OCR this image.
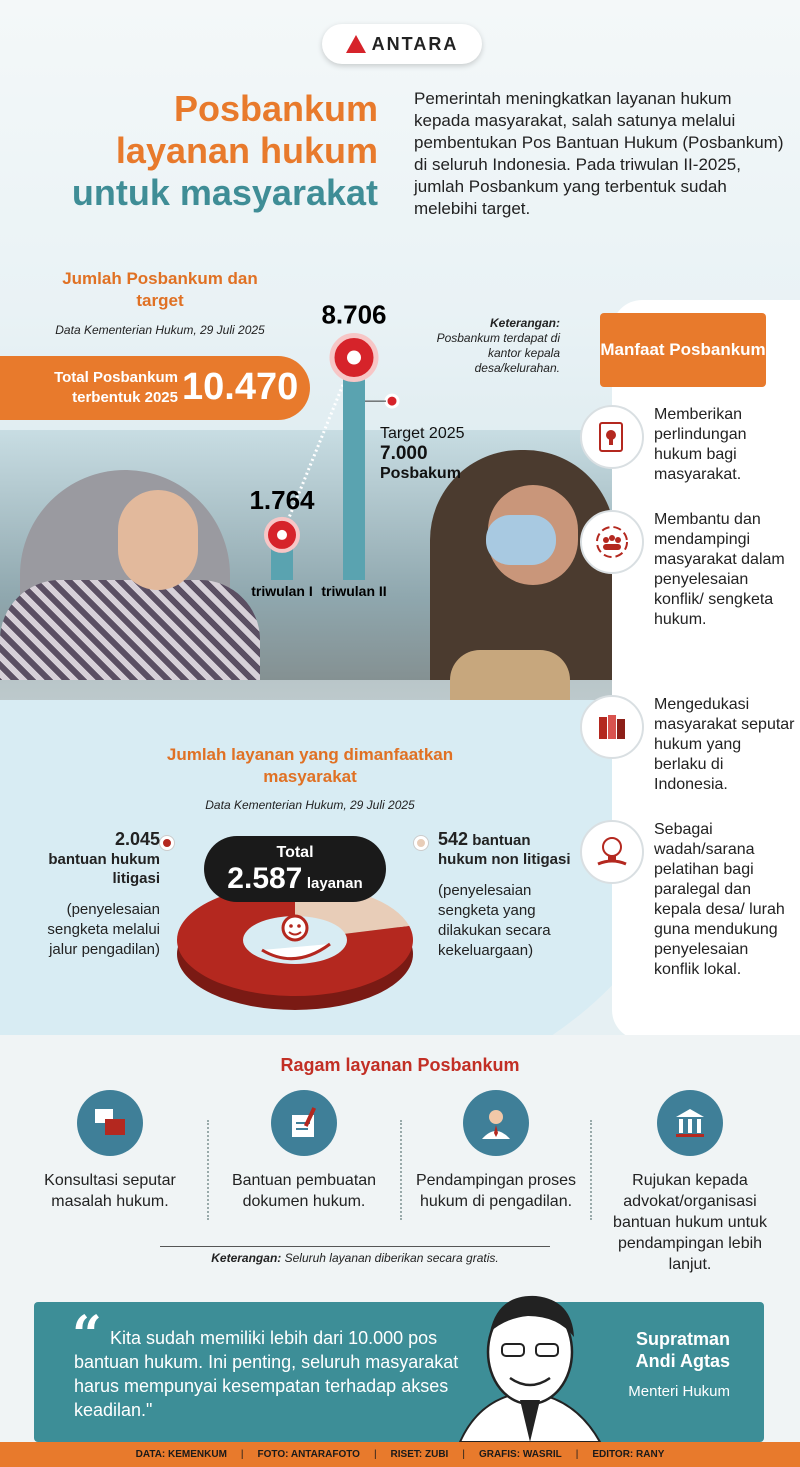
ANTARA
Posbankum
layanan hukum
untuk masyarakat
Pemerintah meningkatkan layanan hukum kepada masyarakat, salah satunya melalui pembentukan Pos Bantuan Hukum (Posbankum) di seluruh Indonesia. Pada triwulan II-2025, jumlah Posbankum yang terbentuk sudah melebihi target.
Jumlah Posbankum dan target
Data Kementerian Hukum, 29 Juli 2025
Total Posbankum terbentuk 2025 10.470
Keterangan:
Posbankum terdapat di kantor kepala desa/kelurahan.
1.764
8.706
triwulan I triwulan II
Target 2025
7.000
Posbakum
Manfaat Posbankum
Memberikan perlindungan hukum bagi masyarakat.
Membantu dan mendampingi masyarakat dalam penyelesaian konflik/ sengketa hukum.
Mengedukasi masyarakat seputar hukum yang berlaku di Indonesia.
Sebagai wadah/sarana pelatihan bagi paralegal dan kepala desa/ lurah guna mendukung penyelesaian konflik lokal.
Jumlah layanan yang dimanfaatkan masyarakat
Data Kementerian Hukum, 29 Juli 2025
Total
2.587 layanan
2.045
bantuan hukum litigasi
(penyelesaian sengketa melalui jalur pengadilan)
542 bantuan
hukum non litigasi
(penyelesaian sengketa yang dilakukan secara kekeluargaan)
Ragam layanan Posbankum
Konsultasi seputar masalah hukum.
Bantuan pembuatan dokumen hukum.
Pendampingan proses hukum di pengadilan.
Rujukan kepada advokat/organisasi bantuan hukum untuk pendampingan lebih lanjut.
Keterangan: Seluruh layanan diberikan secara gratis.
“ Kita sudah memiliki lebih dari 10.000 pos bantuan hukum. Ini penting, seluruh masyarakat harus mempunyai kesempatan terhadap akses keadilan."
Supratman Andi Agtas
Menteri Hukum
DATA: KEMENKUM | FOTO: ANTARAFOTO | RISET: ZUBI | GRAFIS: WASRIL | EDITOR: RANY
